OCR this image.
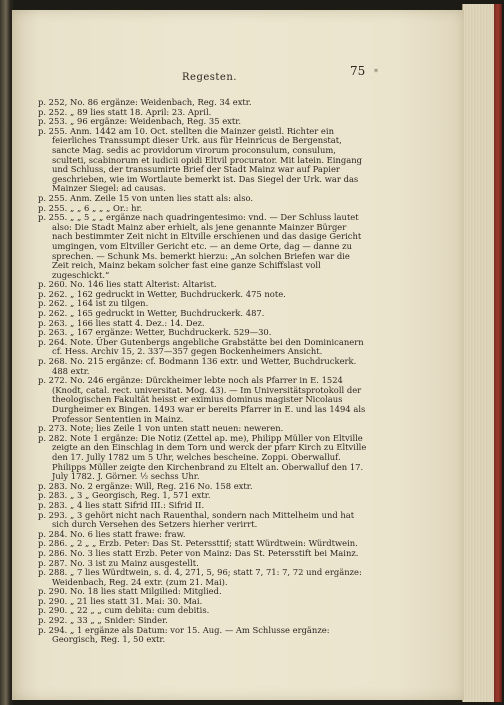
Regesten.	75 *
p. 252, No. 86 ergänze: Weidenbach, Reg. 34 extr.
p. 252. „ 89 lies statt 18. April: 23. April.
p. 253. „ 96 ergänze: Weidenbach, Reg. 35 extr.
p. 255. Anm. 1442 am 10. Oct. stellten die Mainzer geistl. Richter ein feierliches Transsumpt dieser Urk. aus für Heinricus de Bergenstat, sancte Mag. sedis ac providorum virorum proconsulum, consulum, sculteti, scabinorum et iudicii opidi Eltvil procurator. Mit latein. Eingang und Schluss, der transsumirte Brief der Stadt Mainz war auf Papier geschrieben, wie im Wortlaute bemerkt ist. Das Siegel der Urk. war das Mainzer Siegel: ad causas.
p. 255. Anm. Zeile 15 von unten lies statt als: also.
p. 255. „ „ 6 „ „ „ Or.: hr.
p. 255. „ „ 5 „ „ ergänze nach quadringentesimo: vnd. — Der Schluss lautet also: Die Stadt Mainz aber erhielt, als jene genannte Mainzer Bürger nach bestimmter Zeit nicht in Eltville erschienen und das dasige Gericht umgingen, vom Eltviller Gericht etc. — an deme Orte, dag — danne zu sprechen. — Schunk Ms. bemerkt hierzu: „An solchen Briefen war die Zeit reich, Mainz bekam solcher fast eine ganze Schiffslast voll zugeschickt.“
p. 260. No. 146 lies statt Alterist: Altarist.
p. 262. „ 162 gedruckt in Wetter, Buchdruckerk. 475 note.
p. 262. „ 164 ist zu tilgen.
p. 262. „ 165 gedruckt in Wetter, Buchdruckerk. 487.
p. 263. „ 166 lies statt 4. Dez.: 14. Dez.
p. 263. „ 167 ergänze: Wetter, Buchdruckerk. 529—30.
p. 264. Note. Über Gutenbergs angebliche Grabstätte bei den Dominicanern cf. Hess. Archiv 15, 2. 337—357 gegen Bockenheimers Ansicht.
p. 268. No. 215 ergänze: cf. Bodmann 136 extr. und Wetter, Buchdruckerk. 488 extr.
p. 272. No. 246 ergänze: Dürckheimer lebte noch als Pfarrer in E. 1524 (Knodt, catal. rect. universitat. Mog. 43). — Im Universitätsprotokoll der theologischen Fakultät heisst er eximius dominus magister Nicolaus Durgheimer ex Bingen. 1493 war er bereits Pfarrer in E. und las 1494 als Professor Sententien in Mainz.
p. 273. Note; lies Zeile 1 von unten statt neuen: neweren.
p. 282. Note 1 ergänze: Die Notiz (Zettel ap. me), Philipp Müller von Eltville zeigte an den Einschlag in dem Torn und werck der pfarr Kirch zu Eltville den 17. Jully 1782 um 5 Uhr, welches bescheine. Zoppi. Oberwalluf. Philipps Müller zeigte den Kirchenbrand zu Eltelt an. Oberwalluf den 17. July 1782. J. Görner. ½ sechss Uhr.
p. 283. No. 2 ergänze: Will, Reg. 216 No. 158 extr.
p. 283. „ 3 „ Georgisch, Reg. 1, 571 extr.
p. 283. „ 4 lies statt Sifrid III.: Sifrid II.
p. 293. „ 3 gehört nicht nach Rauenthal, sondern nach Mittelheim und hat sich durch Versehen des Setzers hierher verirrt.
p. 284. No. 6 lies statt frawe: fraw.
p. 286. „ 2 „ „ Erzb. Peter: Das St. Peterssttif; statt Würdtwein: Würdtwein.
p. 286. No. 3 lies statt Erzb. Peter von Mainz: Das St. Petersstift bei Mainz.
p. 287. No. 3 ist zu Mainz ausgestellt.
p. 288. „ 7 lies Würdtwein, s. d. 4, 271, 5, 96; statt 7, 71: 7, 72 und ergänze: Weidenbach, Reg. 24 extr. (zum 21. Mai).
p. 290. No. 18 lies statt Milgilied: Mitglied.
p. 290. „ 21 lies statt 31. Mai: 30. Mai.
p. 290. „ 22 „ „ cum debita: cum debitis.
p. 292. „ 33 „ „ Snider: Sinder.
p. 294. „ 1 ergänze als Datum: vor 15. Aug. — Am Schlusse ergänze: Georgisch, Reg. 1, 50 extr.
